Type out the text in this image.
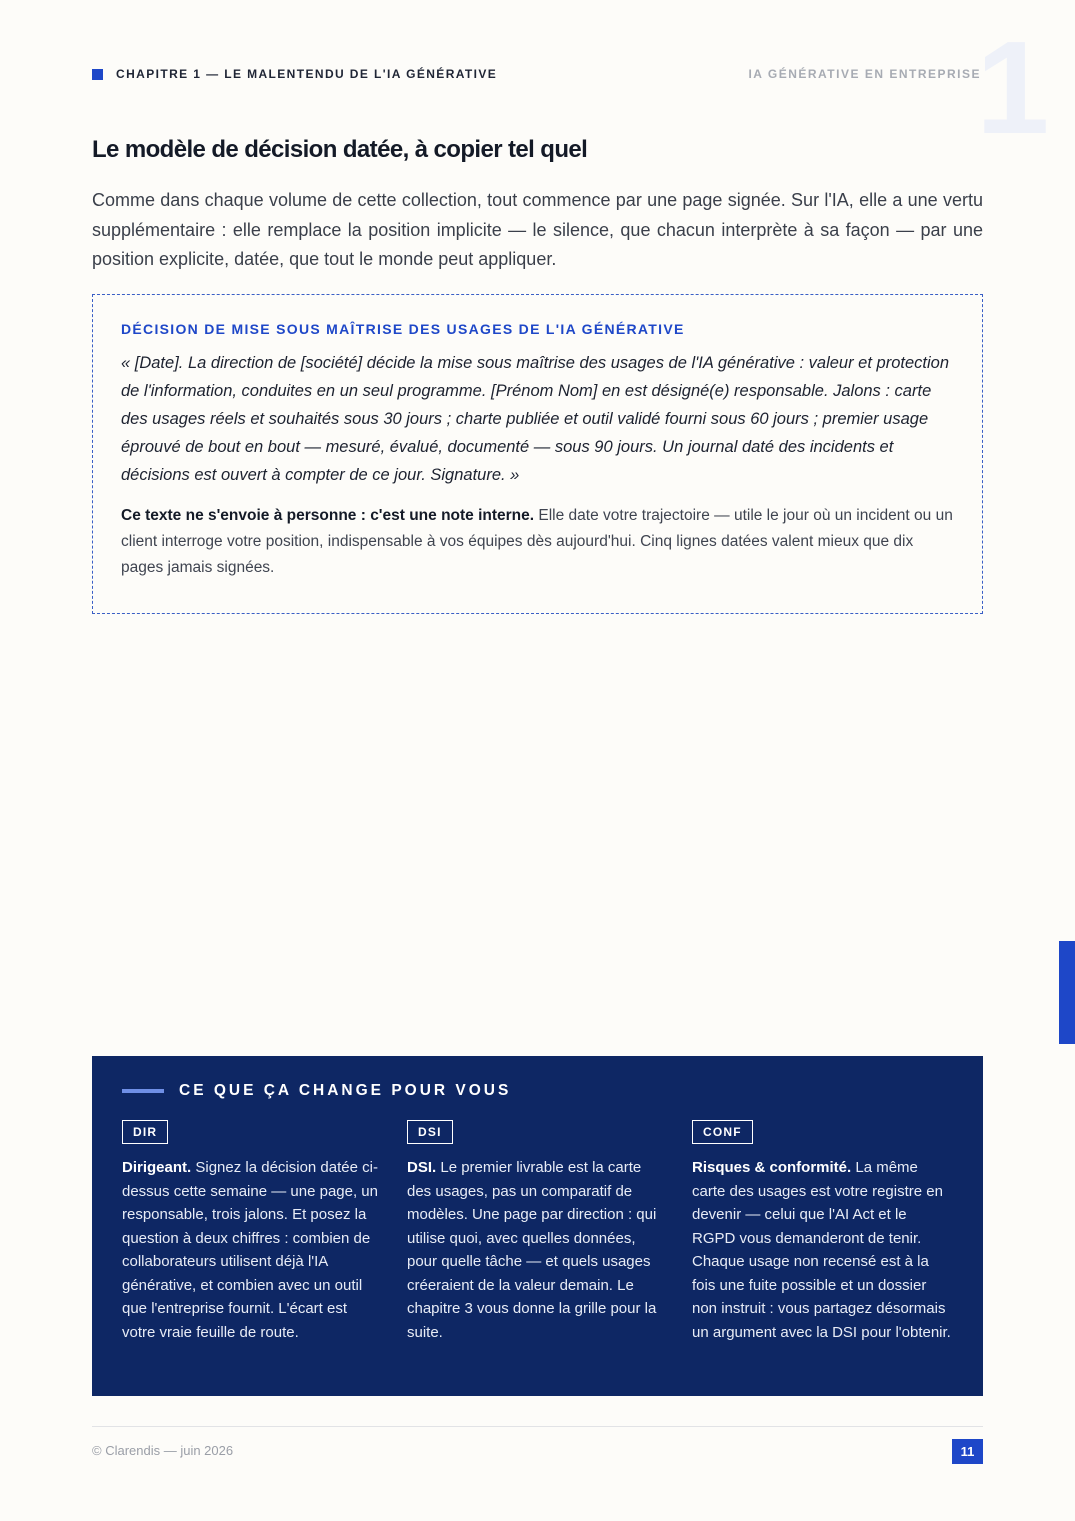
1
CHAPITRE 1 — LE MALENTENDU DE L'IA GÉNÉRATIVE	IA GÉNÉRATIVE EN ENTREPRISE
Le modèle de décision datée, à copier tel quel

Comme dans chaque volume de cette collection, tout commence par une page signée. Sur l'IA, elle a une vertu supplémentaire : elle remplace la position implicite — le silence, que chacun interprète à sa façon — par une position explicite, datée, que tout le monde peut appliquer.

DÉCISION DE MISE SOUS MAÎTRISE DES USAGES DE L'IA GÉNÉRATIVE

« [Date]. La direction de [société] décide la mise sous maîtrise des usages de l'IA générative : valeur et protection de l'information, conduites en un seul programme. [Prénom Nom] en est désigné(e) responsable. Jalons : carte des usages réels et souhaités sous 30 jours ; charte publiée et outil validé fourni sous 60 jours ; premier usage éprouvé de bout en bout — mesuré, évalué, documenté — sous 90 jours. Un journal daté des incidents et décisions est ouvert à compter de ce jour. Signature. »

Ce texte ne s'envoie à personne : c'est une note interne. Elle date votre trajectoire — utile le jour où un incident ou un client interroge votre position, indispensable à vos équipes dès aujourd'hui. Cinq lignes datées valent mieux que dix pages jamais signées.

CE QUE ÇA CHANGE POUR VOUS
DIR

Dirigeant. Signez la décision datée ci-dessus cette semaine — une page, un responsable, trois jalons. Et posez la question à deux chiffres : combien de collaborateurs utilisent déjà l'IA générative, et combien avec un outil que l'entreprise fournit. L'écart est votre vraie feuille de route.

DSI

DSI. Le premier livrable est la carte des usages, pas un comparatif de modèles. Une page par direction : qui utilise quoi, avec quelles données, pour quelle tâche — et quels usages créeraient de la valeur demain. Le chapitre 3 vous donne la grille pour la suite.

CONF

Risques & conformité. La même carte des usages est votre registre en devenir — celui que l'AI Act et le RGPD vous demanderont de tenir. Chaque usage non recensé est à la fois une fuite possible et un dossier non instruit : vous partagez désormais un argument avec la DSI pour l'obtenir.

© Clarendis — juin 2026	11
